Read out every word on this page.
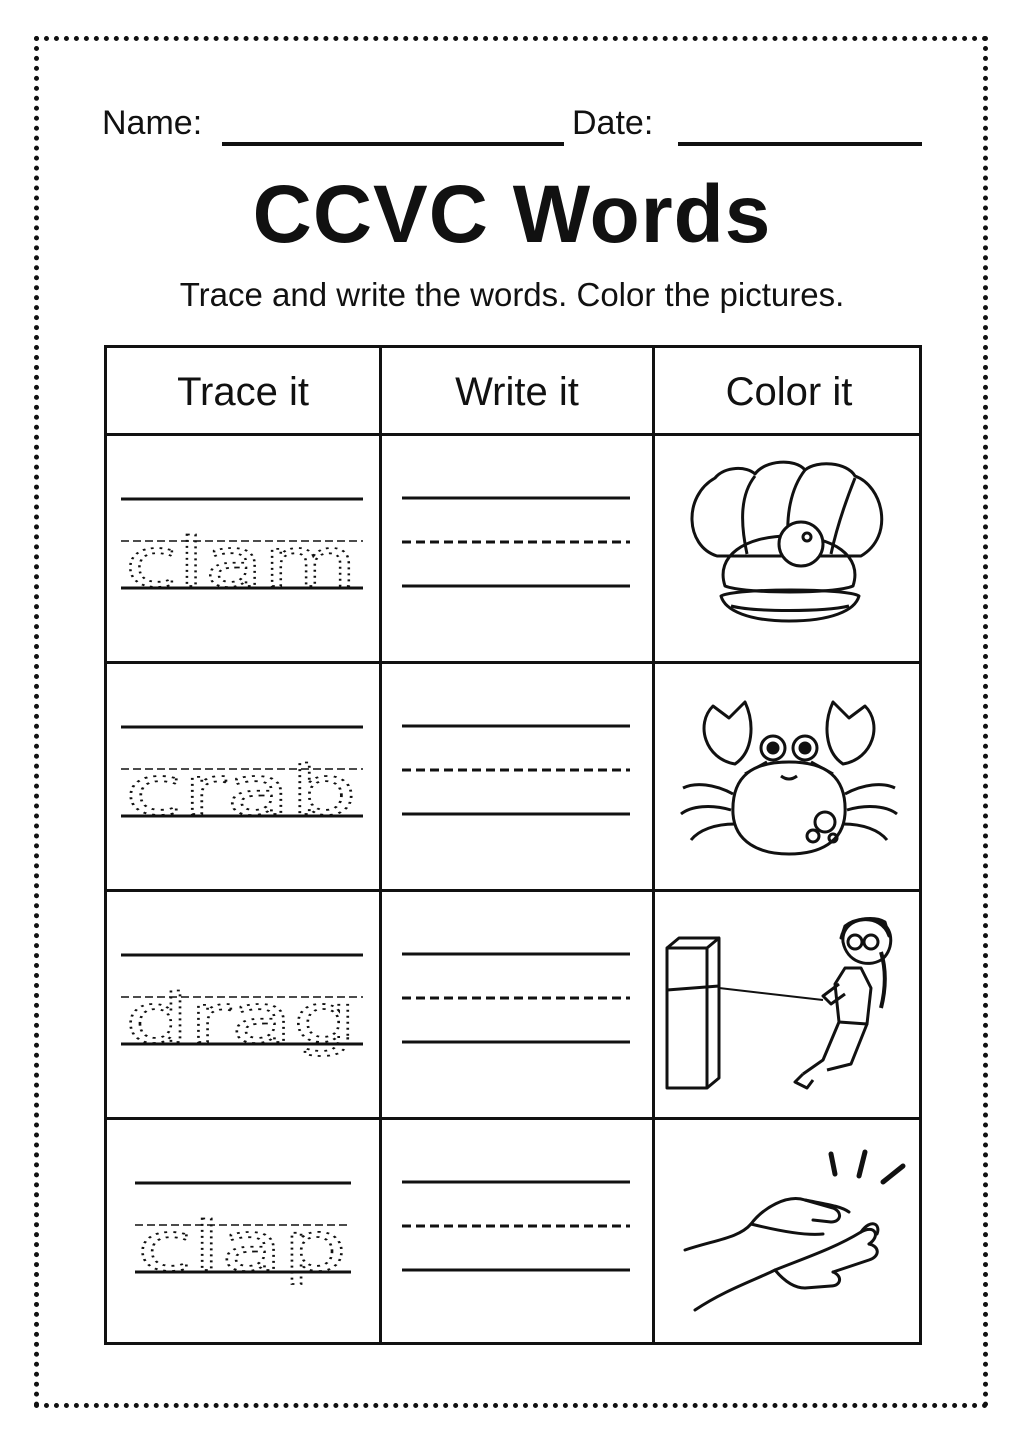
Name:	Date:
CCVC Words
Trace and write the words. Color the pictures.
Trace it	Write it	Color it
clam
crab
drag
clap
